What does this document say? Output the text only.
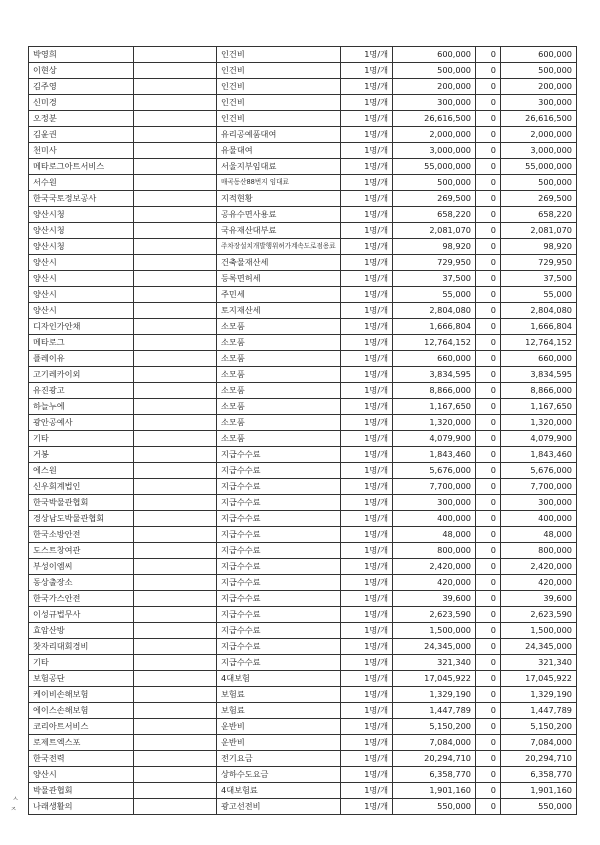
박영희		인건비	1명/개	600,000	0	600,000
이현상		인건비	1명/개	500,000	0	500,000
김주영		인건비	1명/개	200,000	0	200,000
신미경		인건비	1명/개	300,000	0	300,000
오정분		인건비	1명/개	26,616,500	0	26,616,500
김윤권		유리공예품대여	1명/개	2,000,000	0	2,000,000
천미사		유물대여	1명/개	3,000,000	0	3,000,000
메타로그아트서비스		서울지부임대료	1명/개	55,000,000	0	55,000,000
서수원		매곡동산88번지 임대료	1명/개	500,000	0	500,000
한국국토정보공사		지적현황	1명/개	269,500	0	269,500
양산시청		공유수면사용료	1명/개	658,220	0	658,220
양산시청		국유재산대부료	1명/개	2,081,070	0	2,081,070
양산시청		주차장설치개발행위허가계속도로점용료	1명/개	98,920	0	98,920
양산시		건축물재산세	1명/개	729,950	0	729,950
양산시		등록면허세	1명/개	37,500	0	37,500
양산시		주민세	1명/개	55,000	0	55,000
양산시		토지재산세	1명/개	2,804,080	0	2,804,080
디자인가안채		소모품	1명/개	1,666,804	0	1,666,804
메타로그		소모품	1명/개	12,764,152	0	12,764,152
플레이유		소모품	1명/개	660,000	0	660,000
고기레카이외		소모품	1명/개	3,834,595	0	3,834,595
유진광고		소모품	1명/개	8,866,000	0	8,866,000
하늘누에		소모품	1명/개	1,167,650	0	1,167,650
광안공예사		소모품	1명/개	1,320,000	0	1,320,000
기타		소모품	1명/개	4,079,900	0	4,079,900
거봉		지급수수료	1명/개	1,843,460	0	1,843,460
에스원		지급수수료	1명/개	5,676,000	0	5,676,000
신우회계법인		지급수수료	1명/개	7,700,000	0	7,700,000
한국박물관협회		지급수수료	1명/개	300,000	0	300,000
경상남도박물관협회		지급수수료	1명/개	400,000	0	400,000
한국소방안전		지급수수료	1명/개	48,000	0	48,000
도스트창여관		지급수수료	1명/개	800,000	0	800,000
부성이엠씨		지급수수료	1명/개	2,420,000	0	2,420,000
동상출장소		지급수수료	1명/개	420,000	0	420,000
한국가스안전		지급수수료	1명/개	39,600	0	39,600
이성규법무사		지급수수료	1명/개	2,623,590	0	2,623,590
효암산방		지급수수료	1명/개	1,500,000	0	1,500,000
찻자리대회경비		지급수수료	1명/개	24,345,000	0	24,345,000
기타		지급수수료	1명/개	321,340	0	321,340
보험공단		4대보험	1명/개	17,045,922	0	17,045,922
케이비손해보험		보험료	1명/개	1,329,190	0	1,329,190
에이스손해보험		보험료	1명/개	1,447,789	0	1,447,789
코리아트서비스		운반비	1명/개	5,150,200	0	5,150,200
로제트엑스포		운반비	1명/개	7,084,000	0	7,084,000
한국전력		전기요금	1명/개	20,294,710	0	20,294,710
양산시		상하수도요금	1명/개	6,358,770	0	6,358,770
박물관협회		4대보험료	1명/개	1,901,160	0	1,901,160
나래생활의		광고선전비	1명/개	550,000	0	550,000
ㅅ
ㅈ
